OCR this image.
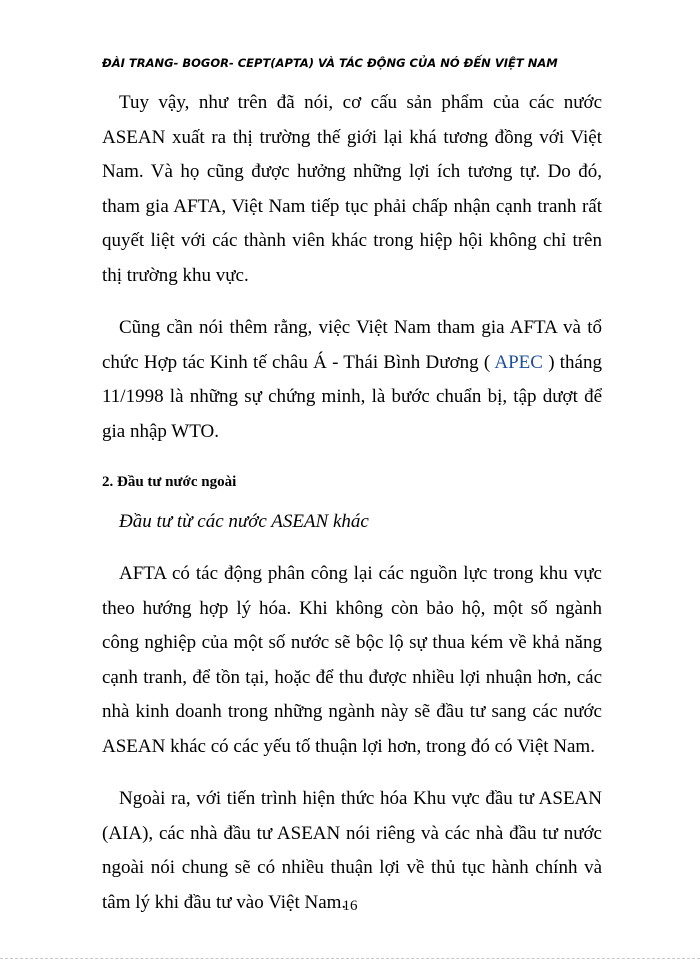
ĐÀI TRANG- BOGOR- CEPT(APTA) VÀ TÁC ĐỘNG CỦA NÓ ĐẾN VIỆT NAM

Tuy vậy, như trên đã nói, cơ cấu sản phẩm của các nước ASEAN xuất ra thị trường thế giới lại khá tương đồng với Việt Nam. Và họ cũng được hưởng những lợi ích tương tự. Do đó, tham gia AFTA, Việt Nam tiếp tục phải chấp nhận cạnh tranh rất quyết liệt với các thành viên khác trong hiệp hội không chỉ trên thị trường khu vực.

Cũng cần nói thêm rằng, việc Việt Nam tham gia AFTA và tổ chức Hợp tác Kinh tế châu Á - Thái Bình Dương ( APEC ) tháng 11/1998 là những sự chứng minh, là bước chuẩn bị, tập dượt để gia nhập WTO.

2. Đầu tư nước ngoài
Đầu tư từ các nước ASEAN khác

AFTA có tác động phân công lại các nguồn lực trong khu vực theo hướng hợp lý hóa. Khi không còn bảo hộ, một số ngành công nghiệp của một số nước sẽ bộc lộ sự thua kém về khả năng cạnh tranh, để tồn tại, hoặc để thu được nhiều lợi nhuận hơn, các nhà kinh doanh trong những ngành này sẽ đầu tư sang các nước ASEAN khác có các yếu tố thuận lợi hơn, trong đó có Việt Nam.

Ngoài ra, với tiến trình hiện thức hóa Khu vực đầu tư ASEAN (AIA), các nhà đầu tư ASEAN nói riêng và các nhà đầu tư nước ngoài nói chung sẽ có nhiều thuận lợi về thủ tục hành chính và tâm lý khi đầu tư vào Việt Nam.

16
